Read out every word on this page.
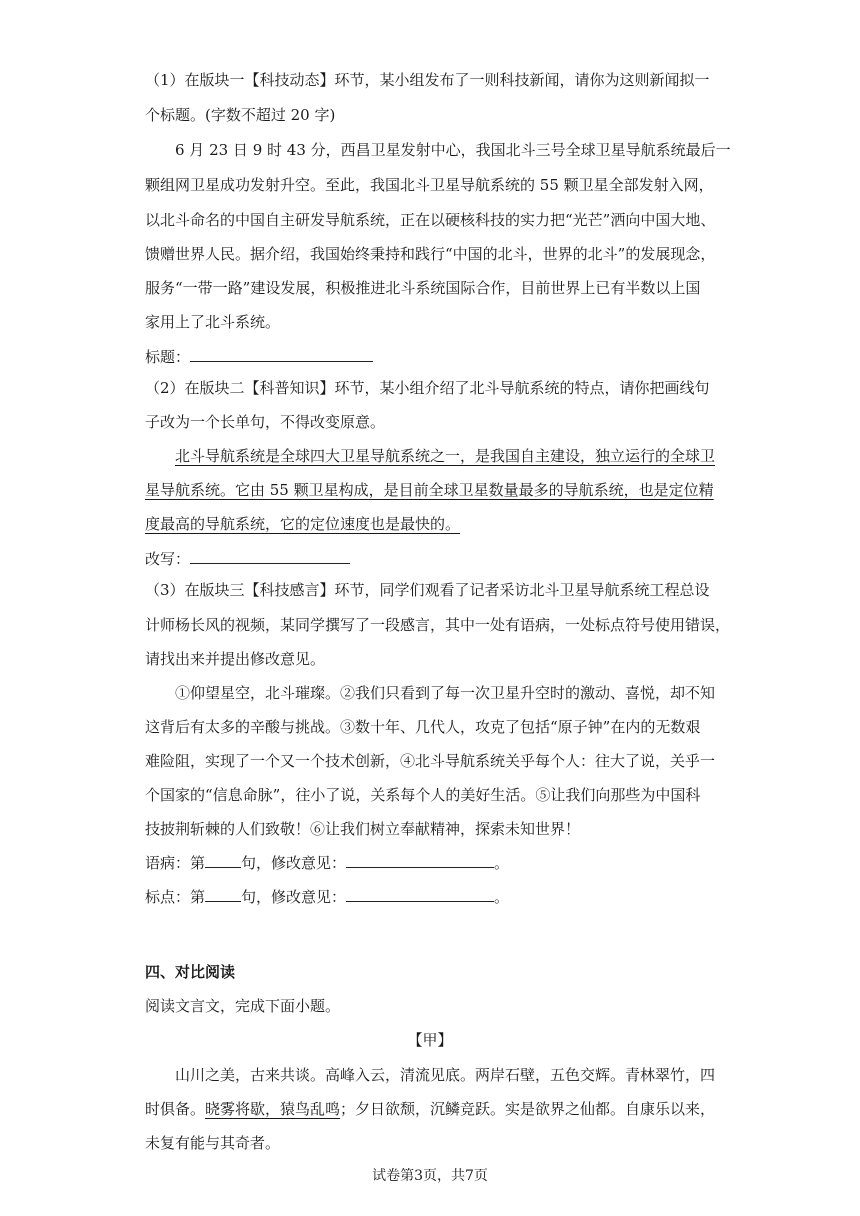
（1）在版块一【科技动态】环节，某小组发布了一则科技新闻，请你为这则新闻拟一
个标题。(字数不超过 20 字)
6 月 23 日 9 时 43 分，西昌卫星发射中心，我国北斗三号全球卫星导航系统最后一
颗组网卫星成功发射升空。至此，我国北斗卫星导航系统的 55 颗卫星全部发射入网，
以北斗命名的中国自主研发导航系统，正在以硬核科技的实力把“光芒”洒向中国大地、
馈赠世界人民。据介绍，我国始终秉持和践行“中国的北斗，世界的北斗”的发展现念，
服务“一带一路”建设发展，积极推进北斗系统国际合作，目前世界上已有半数以上国
家用上了北斗系统。
标题：
（2）在版块二【科普知识】环节，某小组介绍了北斗导航系统的特点，请你把画线句
子改为一个长单句，不得改变原意。
北斗导航系统是全球四大卫星导航系统之一，是我国自主建设，独立运行的全球卫
星导航系统。它由 55 颗卫星构成，是目前全球卫星数量最多的导航系统，也是定位精
度最高的导航系统，它的定位速度也是最快的。
改写：
（3）在版块三【科技感言】环节，同学们观看了记者采访北斗卫星导航系统工程总设
计师杨长风的视频，某同学撰写了一段感言，其中一处有语病，一处标点符号使用错误，
请找出来并提出修改意见。
①仰望星空，北斗璀璨。②我们只看到了每一次卫星升空时的激动、喜悦，却不知
这背后有太多的辛酸与挑战。③数十年、几代人，攻克了包括“原子钟”在内的无数艰
难险阻，实现了一个又一个技术创新，④北斗导航系统关乎每个人：往大了说，关乎一
个国家的“信息命脉”，往小了说，关系每个人的美好生活。⑤让我们向那些为中国科
技披荆斩棘的人们致敬！⑥让我们树立奉献精神，探索未知世界！
语病：第 句，修改意见：	。
标点：第 句，修改意见：	。
四、对比阅读
阅读文言文，完成下面小题。
【甲】
山川之美，古来共谈。高峰入云，清流见底。两岸石壁，五色交辉。青林翠竹，四
时俱备。晓雾将歇，猿鸟乱鸣；夕日欲颓，沉鳞竞跃。实是欲界之仙都。自康乐以来，
未复有能与其奇者。
试卷第3页，共7页
